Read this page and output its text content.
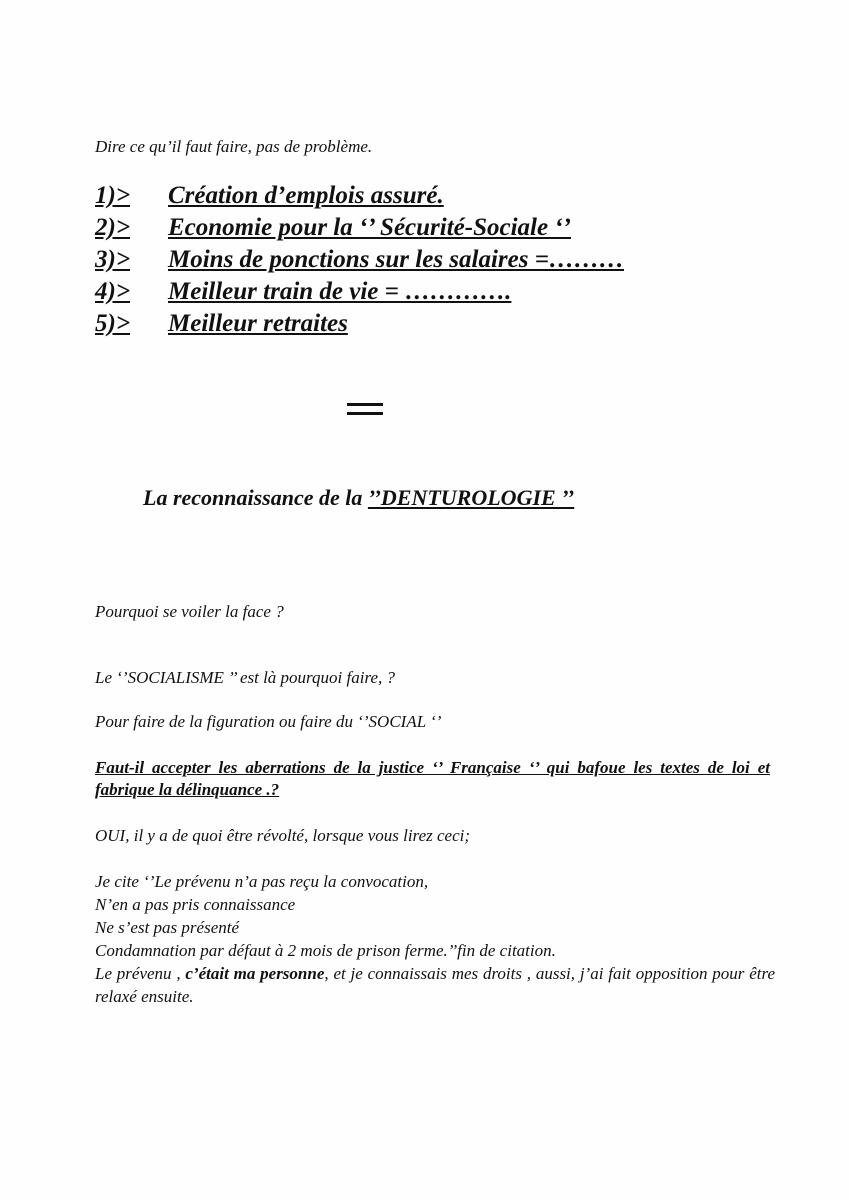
Dire ce qu’il faut faire, pas de problème.
1)>	Création d’emplois assuré.
2)>	Economie pour la ‘’ Sécurité-Sociale ‘’
3)>	Moins de ponctions sur les salaires =………
4)>	Meilleur train de vie = ………….
5)>	Meilleur retraites
La reconnaissance de la ’’DENTUROLOGIE ’’
Pourquoi se voiler la face ?
Le ‘’SOCIALISME ’’ est là pourquoi faire, ?
Pour faire de la figuration ou faire du ‘’SOCIAL ‘’
Faut-il accepter les aberrations de la justice ‘’ Française ‘’ qui bafoue les textes de loi et fabrique la délinquance .?
OUI, il y a de quoi être révolté, lorsque vous lirez ceci;
Je cite ‘’Le prévenu n’a pas reçu la convocation,
N’en a pas pris connaissance
Ne s’est pas présenté
Condamnation par défaut à 2 mois de prison ferme.’’fin de citation.
Le prévenu , c’était ma personne, et je connaissais mes droits , aussi, j’ai fait opposition pour être relaxé ensuite.
